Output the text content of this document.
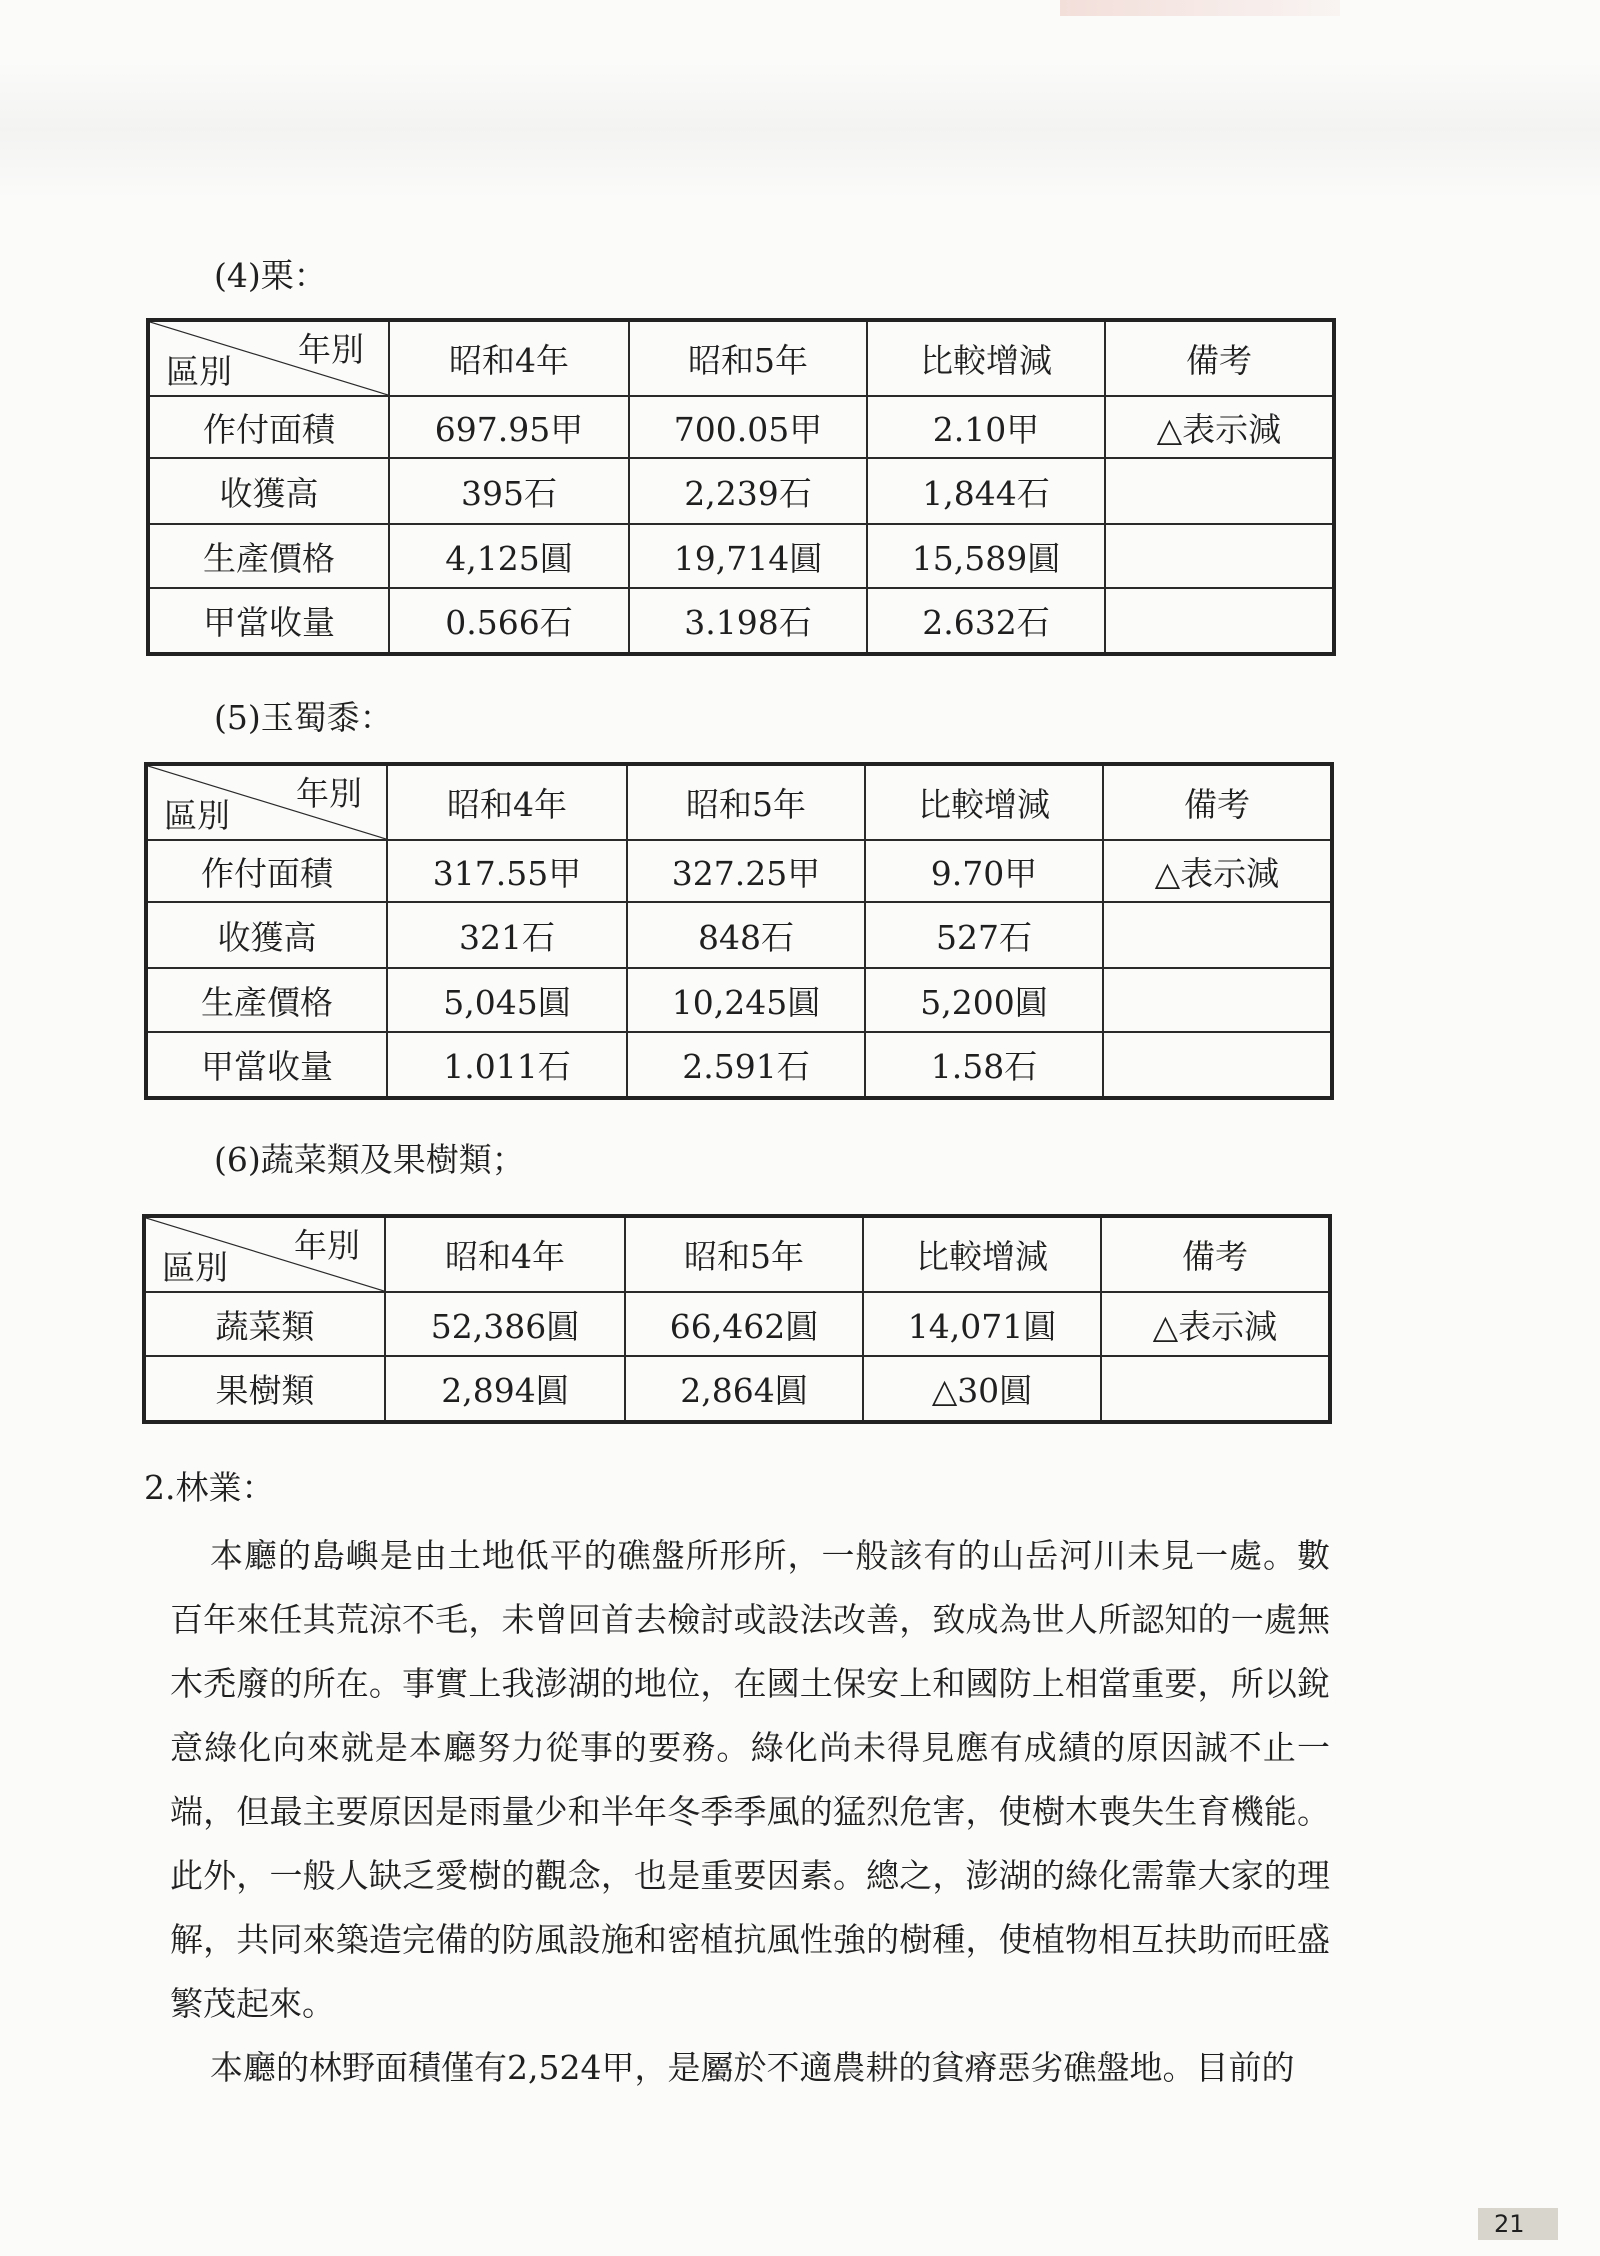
(4)栗：
年別
區別	昭和4年	昭和5年	比較增減	備考
作付面積	697.95甲	700.05甲	2.10甲	△表示減
收獲高	395石	2,239石	1,844石	
生產價格	4,125圓	19,714圓	15,589圓	
甲當收量	0.566石	3.198石	2.632石	
(5)玉蜀黍：
年別
區別	昭和4年	昭和5年	比較增減	備考
作付面積	317.55甲	327.25甲	9.70甲	△表示減
收獲高	321石	848石	527石	
生產價格	5,045圓	10,245圓	5,200圓	
甲當收量	1.011石	2.591石	1.58石	
(6)蔬菜類及果樹類；
年別
區別	昭和4年	昭和5年	比較增減	備考
蔬菜類	52,386圓	66,462圓	14,071圓	△表示減
果樹類	2,894圓	2,864圓	△30圓	
2.林業：

本廳的島嶼是由土地低平的礁盤所形所，一般該有的山岳河川未見一處。數百年來任其荒涼不毛，未曾回首去檢討或設法改善，致成為世人所認知的一處無木禿廢的所在。事實上我澎湖的地位，在國土保安上和國防上相當重要，所以銳意綠化向來就是本廳努力從事的要務。綠化尚未得見應有成績的原因誠不止一端，但最主要原因是雨量少和半年冬季季風的猛烈危害，使樹木喪失生育機能。此外，一般人缺乏愛樹的觀念，也是重要因素。總之，澎湖的綠化需靠大家的理解，共同來築造完備的防風設施和密植抗風性強的樹種，使植物相互扶助而旺盛繁茂起來。

本廳的林野面積僅有2,524甲，是屬於不適農耕的貧瘠惡劣礁盤地。目前的

21
